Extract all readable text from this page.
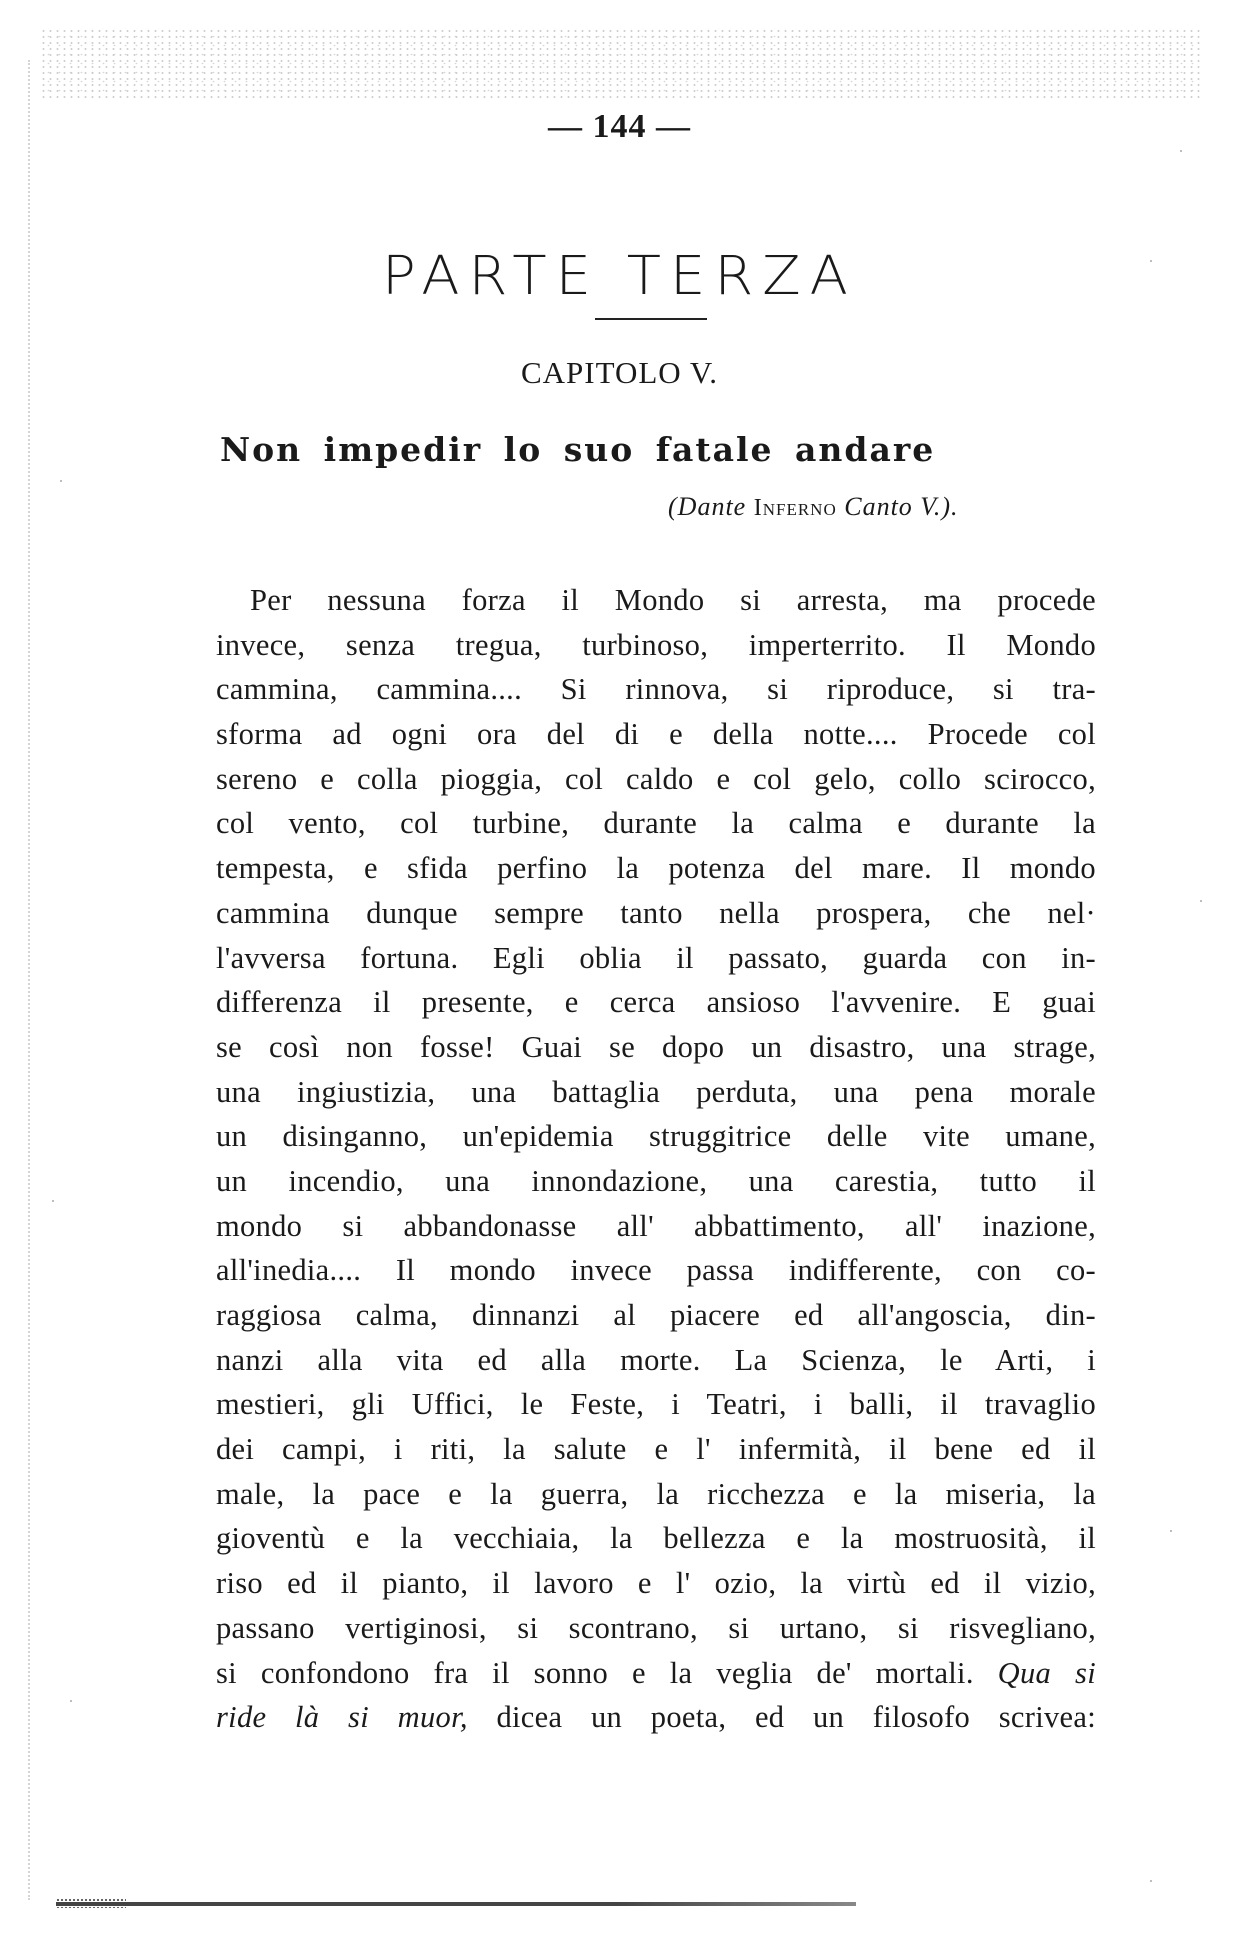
— 144 —
PARTE TERZA
CAPITOLO V.
Non impedir lo suo fatale andare
(Dante Inferno Canto V.).
Per nessuna forza il Mondo si arresta, ma procede
invece, senza tregua, turbinoso, imperterrito. Il Mondo
cammina, cammina.... Si rinnova, si riproduce, si tra-
sforma ad ogni ora del di e della notte.... Procede col
sereno e colla pioggia, col caldo e col gelo, collo scirocco,
col vento, col turbine, durante la calma e durante la
tempesta, e sfida perfino la potenza del mare. Il mondo
cammina dunque sempre tanto nella prospera, che nel·
l'avversa fortuna. Egli oblia il passato, guarda con in-
differenza il presente, e cerca ansioso l'avvenire. E guai
se così non fosse! Guai se dopo un disastro, una strage,
una ingiustizia, una battaglia perduta, una pena morale
un disinganno, un'epidemia struggitrice delle vite umane,
un incendio, una innondazione, una carestia, tutto il
mondo si abbandonasse all' abbattimento, all' inazione,
all'inedia.... Il mondo invece passa indifferente, con co-
raggiosa calma, dinnanzi al piacere ed all'angoscia, din-
nanzi alla vita ed alla morte. La Scienza, le Arti, i
mestieri, gli Uffici, le Feste, i Teatri, i balli, il travaglio
dei campi, i riti, la salute e l' infermità, il bene ed il
male, la pace e la guerra, la ricchezza e la miseria, la
gioventù e la vecchiaia, la bellezza e la mostruosità, il
riso ed il pianto, il lavoro e l' ozio, la virtù ed il vizio,
passano vertiginosi, si scontrano, si urtano, si risvegliano,
si confondono fra il sonno e la veglia de' mortali. Qua si
ride là si muor, dicea un poeta, ed un filosofo scrivea:
